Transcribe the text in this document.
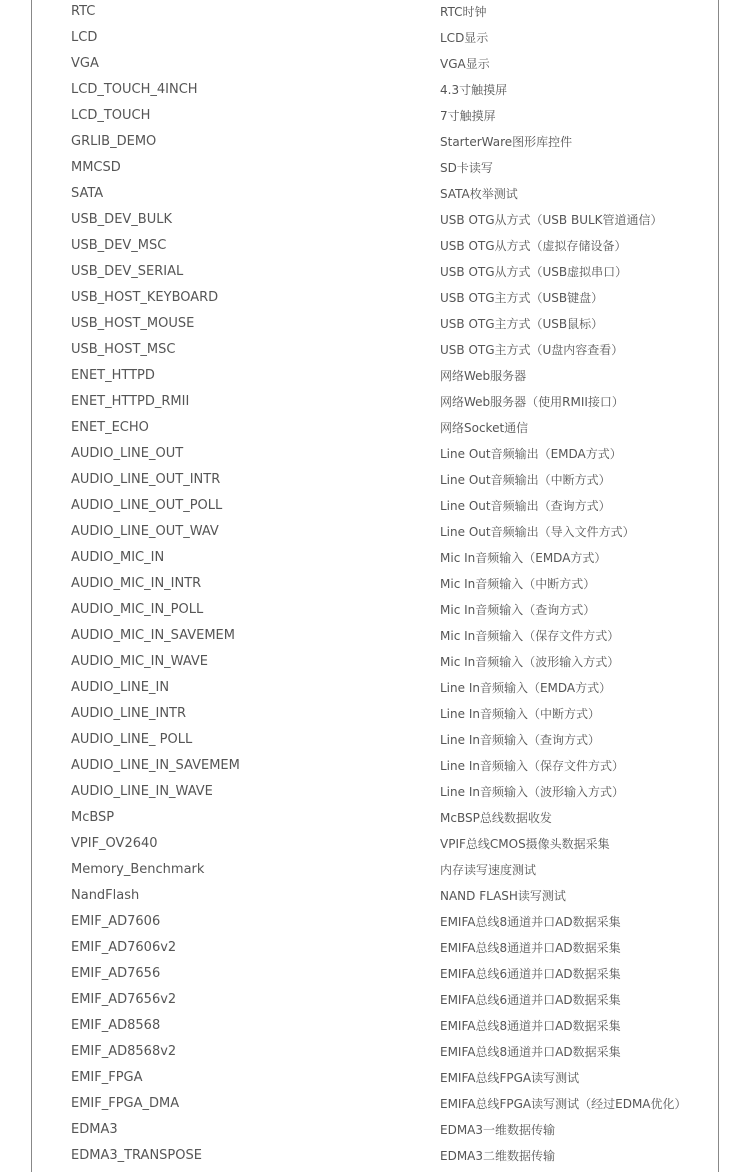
RTC	RTC时钟
LCD	LCD显示
VGA	VGA显示
LCD_TOUCH_4INCH	4.3寸触摸屏
LCD_TOUCH	7寸触摸屏
GRLIB_DEMO	StarterWare图形库控件
MMCSD	SD卡读写
SATA	SATA枚举测试
USB_DEV_BULK	USB OTG从方式（USB BULK管道通信）
USB_DEV_MSC	USB OTG从方式（虚拟存储设备）
USB_DEV_SERIAL	USB OTG从方式（USB虚拟串口）
USB_HOST_KEYBOARD	USB OTG主方式（USB键盘）
USB_HOST_MOUSE	USB OTG主方式（USB鼠标）
USB_HOST_MSC	USB OTG主方式（U盘内容查看）
ENET_HTTPD	网络Web服务器
ENET_HTTPD_RMII	网络Web服务器（使用RMII接口）
ENET_ECHO	网络Socket通信
AUDIO_LINE_OUT	Line Out音频输出（EMDA方式）
AUDIO_LINE_OUT_INTR	Line Out音频输出（中断方式）
AUDIO_LINE_OUT_POLL	Line Out音频输出（查询方式）
AUDIO_LINE_OUT_WAV	Line Out音频输出（导入文件方式）
AUDIO_MIC_IN	Mic In音频输入（EMDA方式）
AUDIO_MIC_IN_INTR	Mic In音频输入（中断方式）
AUDIO_MIC_IN_POLL	Mic In音频输入（查询方式）
AUDIO_MIC_IN_SAVEMEM	Mic In音频输入（保存文件方式）
AUDIO_MIC_IN_WAVE	Mic In音频输入（波形输入方式）
AUDIO_LINE_IN	Line In音频输入（EMDA方式）
AUDIO_LINE_INTR	Line In音频输入（中断方式）
AUDIO_LINE_ POLL	Line In音频输入（查询方式）
AUDIO_LINE_IN_SAVEMEM	Line In音频输入（保存文件方式）
AUDIO_LINE_IN_WAVE	Line In音频输入（波形输入方式）
McBSP	McBSP总线数据收发
VPIF_OV2640	VPIF总线CMOS摄像头数据采集
Memory_Benchmark	内存读写速度测试
NandFlash	NAND FLASH读写测试
EMIF_AD7606	EMIFA总线8通道并口AD数据采集
EMIF_AD7606v2	EMIFA总线8通道并口AD数据采集
EMIF_AD7656	EMIFA总线6通道并口AD数据采集
EMIF_AD7656v2	EMIFA总线6通道并口AD数据采集
EMIF_AD8568	EMIFA总线8通道并口AD数据采集
EMIF_AD8568v2	EMIFA总线8通道并口AD数据采集
EMIF_FPGA	EMIFA总线FPGA读写测试
EMIF_FPGA_DMA	EMIFA总线FPGA读写测试（经过EDMA优化）
EDMA3	EDMA3一维数据传输
EDMA3_TRANSPOSE	EDMA3二维数据传输
